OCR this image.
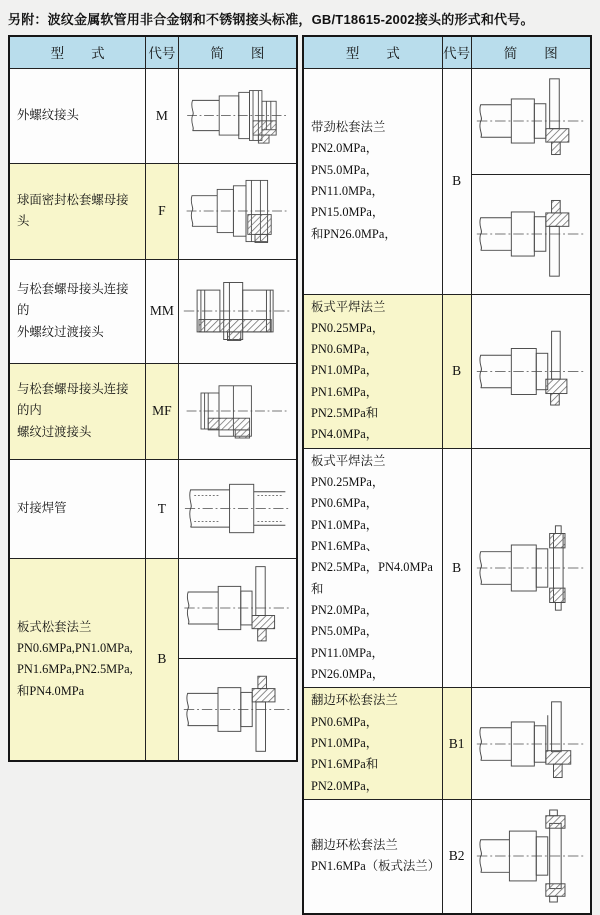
另附：波纹金属软管用非合金钢和不锈钢接头标准，GB/T18615-2002接头的形式和代号。
型　　式	代号	简　　图

外螺纹接头	M	

球面密封松套螺母接头	F	

与松套螺母接头连接的
外螺纹过渡接头	MM	

与松套螺母接头连接的内
螺纹过渡接头	MF	

对接焊管	T	

板式松套法兰
PN0.6MPa,PN1.0MPa,
PN1.6MPa,PN2.5MPa,
和PN4.0MPa	B	

型　　式	代号	简　　图

带劲松套法兰
PN2.0MPa，PN5.0MPa，
PN11.0MPa，PN15.0MPa，
和PN26.0MPa，	B	

板式平焊法兰
PN0.25MPa，PN0.6MPa，
PN1.0MPa，PN1.6MPa，
PN2.5MPa和PN4.0MPa，	B	

板式平焊法兰
PN0.25MPa，PN0.6MPa，
PN1.0MPa，PN1.6MPa、
PN2.5MPa，PN4.0MPa和
PN2.0MPa，PN5.0MPa，
PN11.0MPa，PN26.0MPa，
	B	

翻边环松套法兰
PN0.6MPa，PN1.0MPa，
PN1.6MPa和PN2.0MPa，	B1	

翻边环松套法兰
PN1.6MPa（板式法兰）	B2	
